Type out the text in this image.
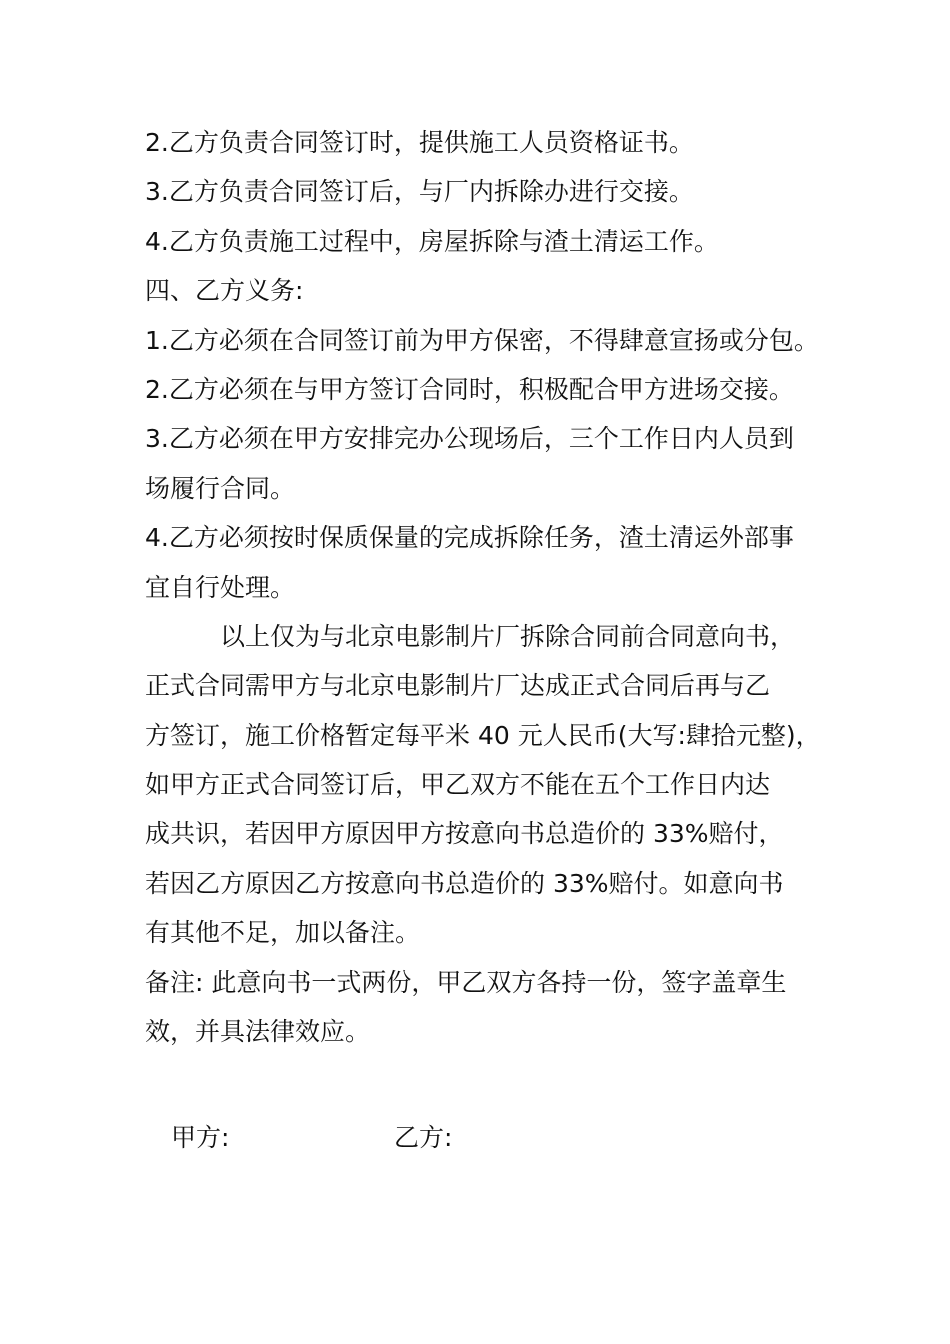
2.乙方负责合同签订时，提供施工人员资格证书。
3.乙方负责合同签订后，与厂内拆除办进行交接。
4.乙方负责施工过程中，房屋拆除与渣土清运工作。
四、乙方义务:
1.乙方必须在合同签订前为甲方保密，不得肆意宣扬或分包。
2.乙方必须在与甲方签订合同时，积极配合甲方进场交接。
3.乙方必须在甲方安排完办公现场后，三个工作日内人员到
场履行合同。
4.乙方必须按时保质保量的完成拆除任务，渣土清运外部事
宜自行处理。
以上仅为与北京电影制片厂拆除合同前合同意向书，
正式合同需甲方与北京电影制片厂达成正式合同后再与乙
方签订，施工价格暂定每平米 40 元人民币(大写:肆拾元整)，
如甲方正式合同签订后，甲乙双方不能在五个工作日内达
成共识，若因甲方原因甲方按意向书总造价的 33%赔付，
若因乙方原因乙方按意向书总造价的 33%赔付。如意向书
有其他不足，加以备注。
备注: 此意向书一式两份，甲乙双方各持一份，签字盖章生
效，并具法律效应。
甲方:	乙方:
